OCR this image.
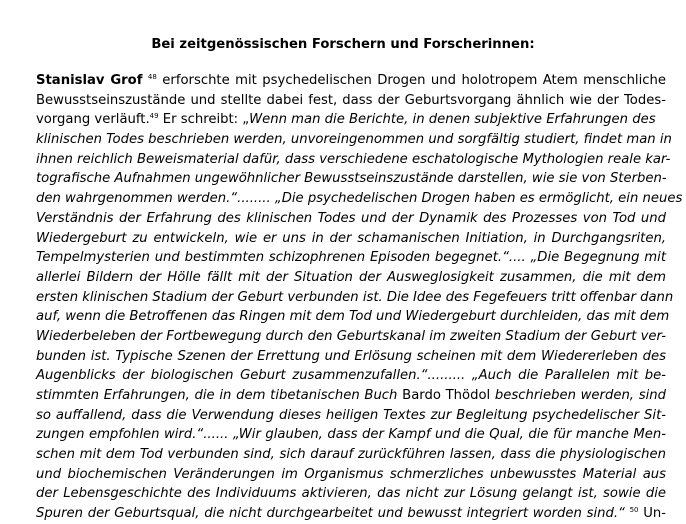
Bei zeitgenössischen Forschern und Forscherinnen:
Stanislav Grof $^{48}$ erforschte mit psychedelischen Drogen und holotropem Atem menschliche
Bewusstseinszustände und stellte dabei fest, dass der Geburtsvorgang ähnlich wie der Todes-
vorgang verläuft.$^{49}$ Er schreibt: „Wenn man die Berichte, in denen subjektive Erfahrungen des
klinischen Todes beschrieben werden, unvoreingenommen und sorgfältig studiert, findet man in
ihnen reichlich Beweismaterial dafür, dass verschiedene eschatologische Mythologien reale kar-
tografische Aufnahmen ungewöhnlicher Bewusstseinszustände darstellen, wie sie von Sterben-
den wahrgenommen werden.“........ „Die psychedelischen Drogen haben es ermöglicht, ein neues
Verständnis der Erfahrung des klinischen Todes und der Dynamik des Prozesses von Tod und
Wiedergeburt zu entwickeln, wie er uns in der schamanischen Initiation, in Durchgangsriten,
Tempelmysterien und bestimmten schizophrenen Episoden begegnet.“.... „Die Begegnung mit
allerlei Bildern der Hölle fällt mit der Situation der Ausweglosigkeit zusammen, die mit dem
ersten klinischen Stadium der Geburt verbunden ist. Die Idee des Fegefeuers tritt offenbar dann
auf, wenn die Betroffenen das Ringen mit dem Tod und Wiedergeburt durchleiden, das mit dem
Wiederbeleben der Fortbewegung durch den Geburtskanal im zweiten Stadium der Geburt ver-
bunden ist. Typische Szenen der Errettung und Erlösung scheinen mit dem Wiedererleben des
Augenblicks der biologischen Geburt zusammenzufallen.“......... „Auch die Parallelen mit be-
stimmten Erfahrungen, die in dem tibetanischen Buch Bardo Thödol beschrieben werden, sind
so auffallend, dass die Verwendung dieses heiligen Textes zur Begleitung psychedelischer Sit-
zungen empfohlen wird.“...... „Wir glauben, dass der Kampf und die Qual, die für manche Men-
schen mit dem Tod verbunden sind, sich darauf zurückführen lassen, dass die physiologischen
und biochemischen Veränderungen im Organismus schmerzliches unbewusstes Material aus
der Lebensgeschichte des Individuums aktivieren, das nicht zur Lösung gelangt ist, sowie die
Spuren der Geburtsqual, die nicht durchgearbeitet und bewusst integriert worden sind.“ $^{50}$ Un-
